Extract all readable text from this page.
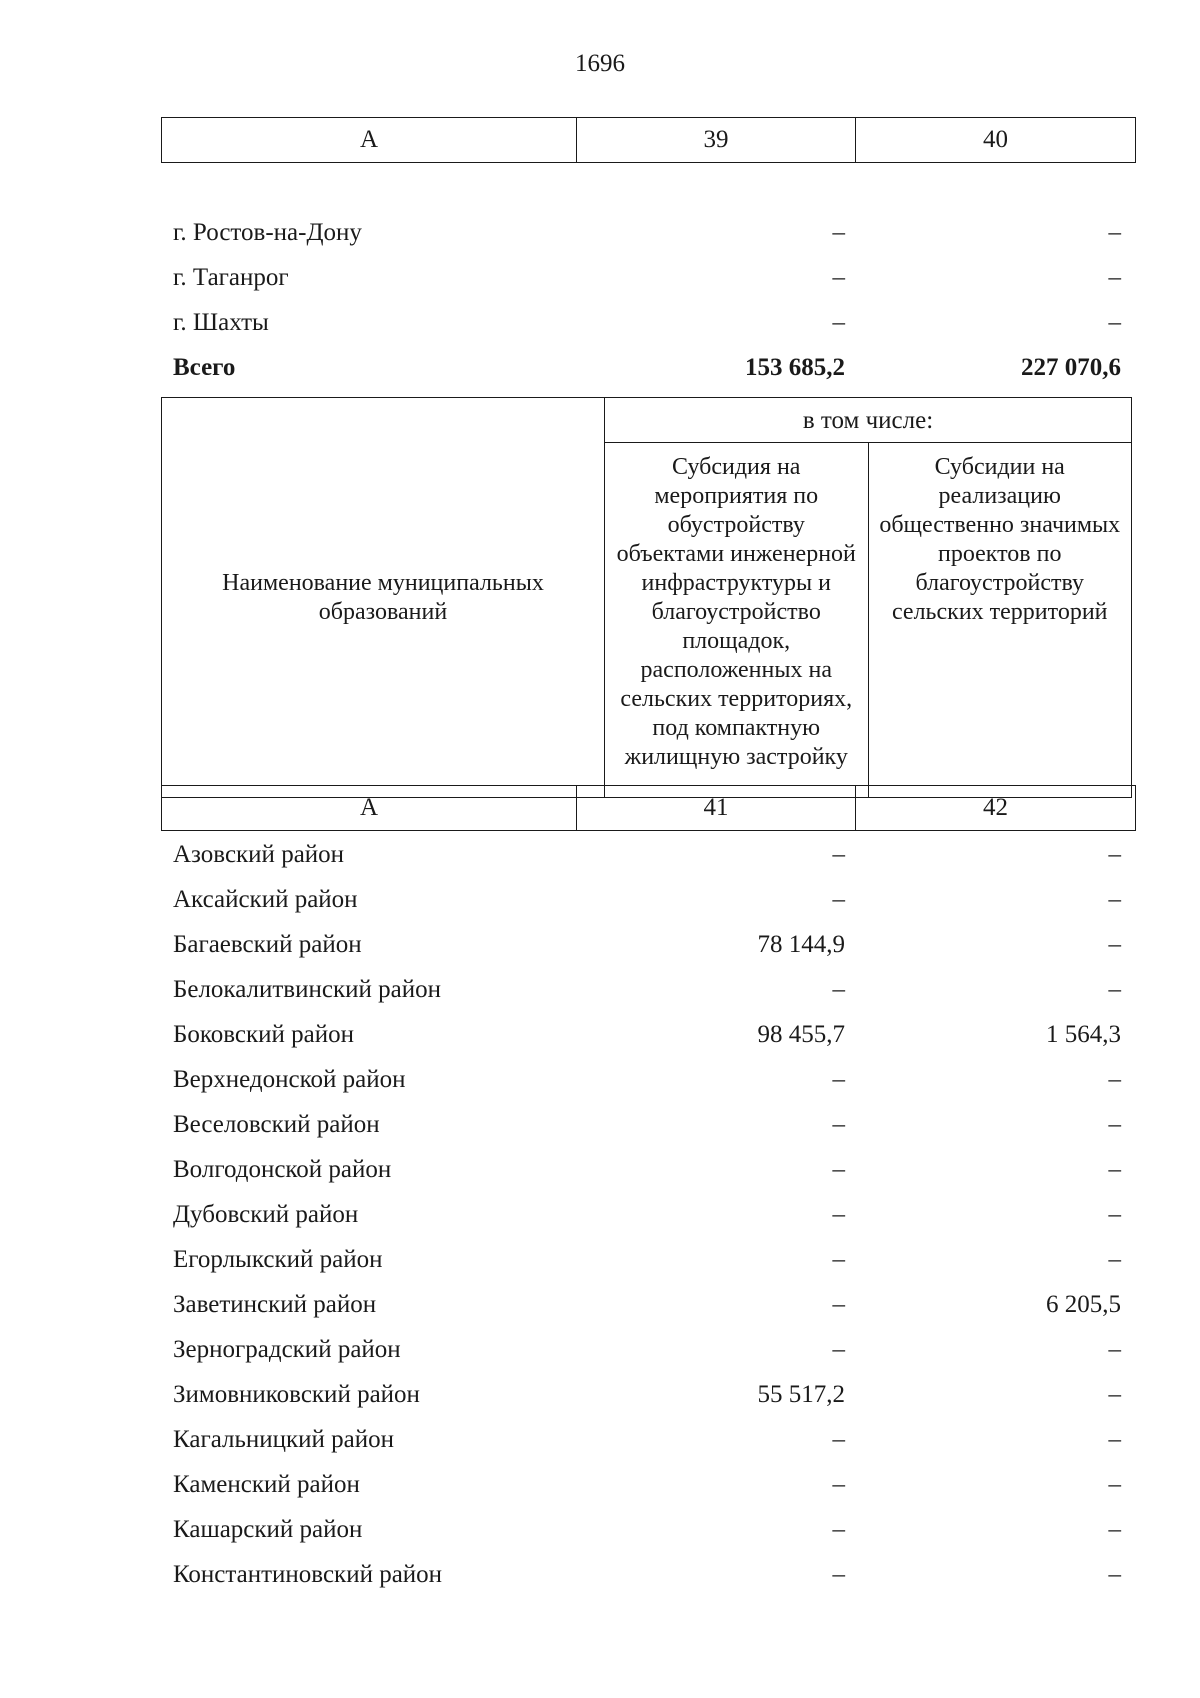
1696
А	39	40
г. Ростов-на-Дону	–	–
г. Таганрог	–	–
г. Шахты	–	–
Всего	153 685,2	227 070,6
Наименование муниципальных образований	в том числе:	
	Субсидия на мероприятия по обустройству объектами инженерной инфраструктуры и благоустройство площадок, расположенных на сельских территориях, под компактную жилищную застройку	Субсидии на реализацию общественно значимых проектов по благоустройству сельских территорий
А	41	42
Азовский район	–	–
Аксайский район	–	–
Багаевский район	78 144,9	–
Белокалитвинский район	–	–
Боковский район	98 455,7	1 564,3
Верхнедонской район	–	–
Веселовский район	–	–
Волгодонской район	–	–
Дубовский район	–	–
Егорлыкский район	–	–
Заветинский район	–	6 205,5
Зерноградский район	–	–
Зимовниковский район	55 517,2	–
Кагальницкий район	–	–
Каменский район	–	–
Кашарский район	–	–
Константиновский район	–	–
